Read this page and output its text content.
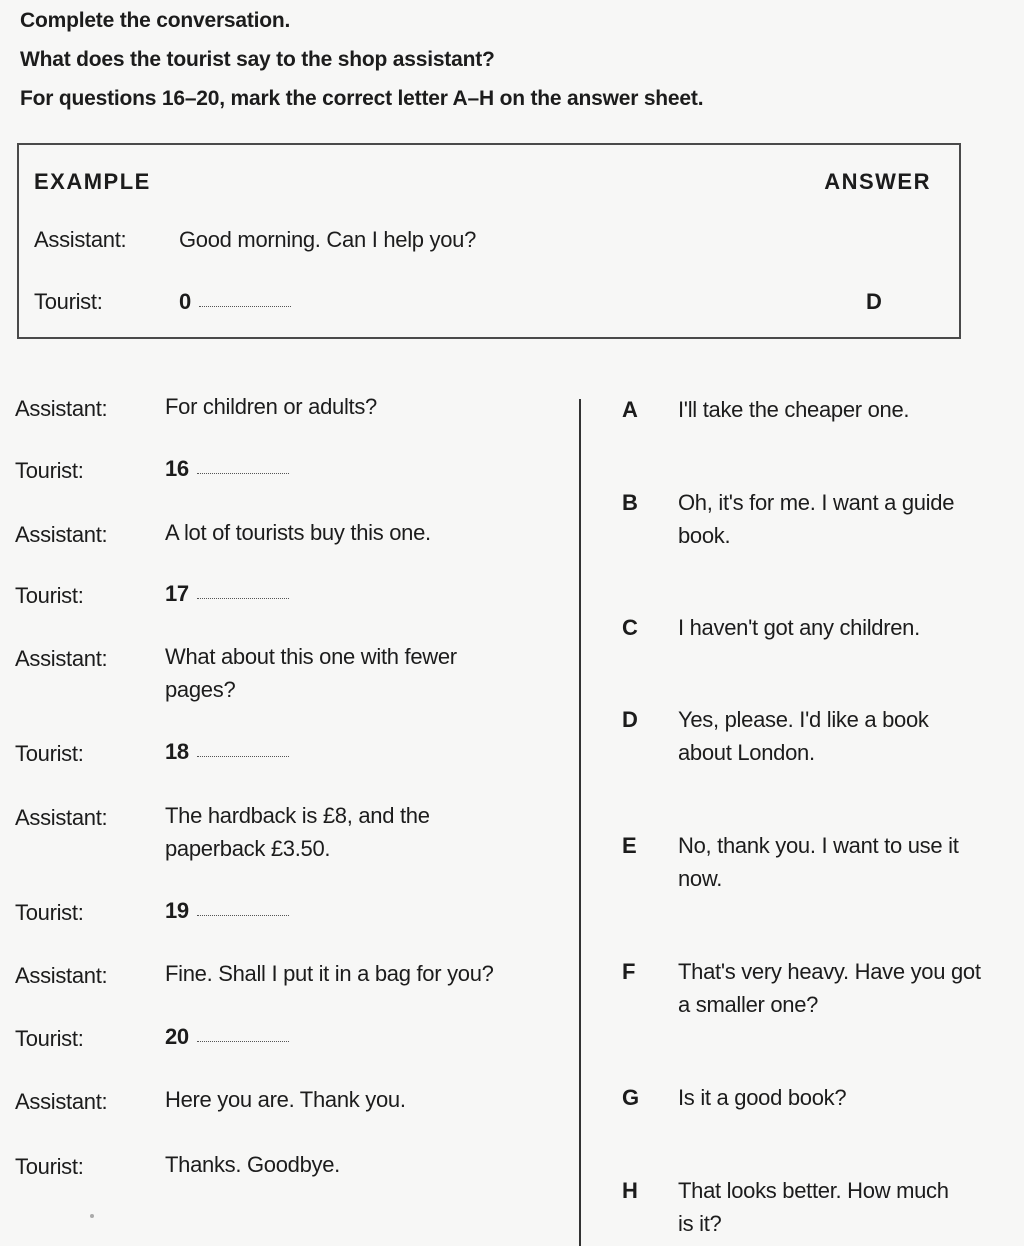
Complete the conversation.
What does the tourist say to the shop assistant?
For questions 16–20, mark the correct letter A–H on the answer sheet.
EXAMPLE	ANSWER
Assistant: Good morning. Can I help you?
Tourist:	0	D
Assistant:	For children or adults?
Tourist:	16
Assistant:	A lot of tourists buy this one.
Tourist:	17
Assistant:	What about this one with fewer
pages?
Tourist:	18
Assistant:	The hardback is £8, and the
paperback £3.50.
Tourist:	19
Assistant:	Fine. Shall I put it in a bag for you?
Tourist:	20
Assistant:	Here you are. Thank you.
Tourist:	Thanks. Goodbye.
A I'll take the cheaper one.
B Oh, it's for me. I want a guide
book.
C I haven't got any children.
D Yes, please. I'd like a book
about London.
E No, thank you. I want to use it
now.
F That's very heavy. Have you got
a smaller one?
G Is it a good book?
H That looks better. How much
is it?
